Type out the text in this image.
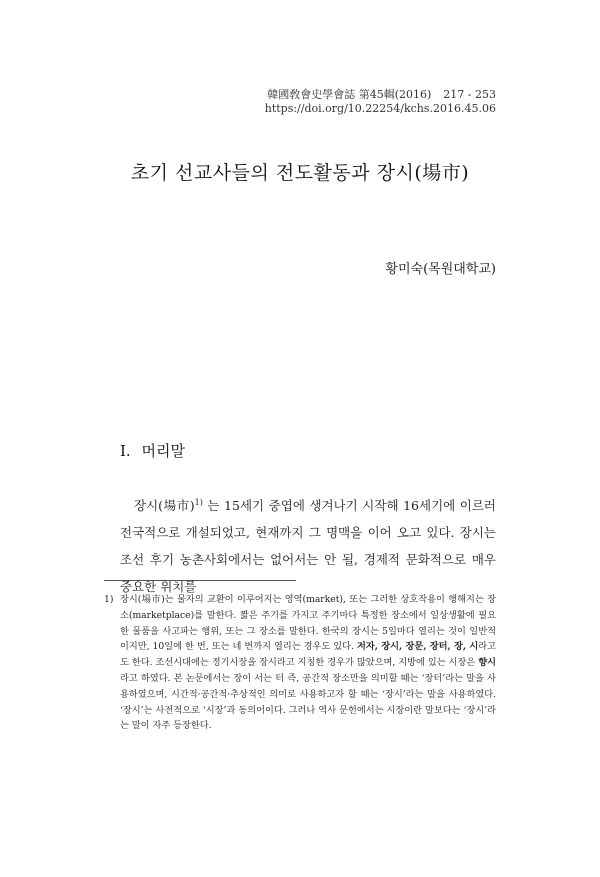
韓國敎會史學會誌 第45輯(2016) 217 - 253
https://doi.org/10.22254/kchs.2016.45.06
초기 선교사들의 전도활동과 장시(場市)
황미숙(목원대학교)
I. 머리말

장시(場市)$^{1)}$ 는 15세기 중엽에 생겨나기 시작해 16세기에 이르러 전국적으로 개설되었고, 현재까지 그 명맥을 이어 오고 있다. 장시는 조선 후기 농촌사회에서는 없어서는 안 될, 경제적 문화적으로 매우 중요한 위치를

1) 장시(場市)는 물자의 교환이 이루어지는 영역(market), 또는 그러한 상호작용이 행해지는 장소(marketplace)를 말한다. 짧은 주기를 가지고 주기마다 특정한 장소에서 일상생활에 필요한 물품을 사고파는 행위, 또는 그 장소를 말한다. 한국의 장시는 5일마다 열리는 것이 일반적이지만, 10일에 한 번, 또는 네 번까지 열리는 경우도 있다. 저자, 장시, 장문, 장터, 장, 시라고도 한다. 조선시대에는 정기시장을 장시라고 지칭한 경우가 많았으며, 지방에 있는 시장은 향시라고 하였다. 본 논문에서는 장이 서는 터 즉, 공간적 장소만을 의미할 때는 ‘장터’라는 말을 사용하였으며, 시간적·공간적·추상적인 의미로 사용하고자 할 때는 ‘장시’라는 말을 사용하였다. ‘장시’는 사전적으로 ‘시장’과 동의어이다. 그러나 역사 문헌에서는 시장이란 말보다는 ‘장시’라는 말이 자주 등장한다.
